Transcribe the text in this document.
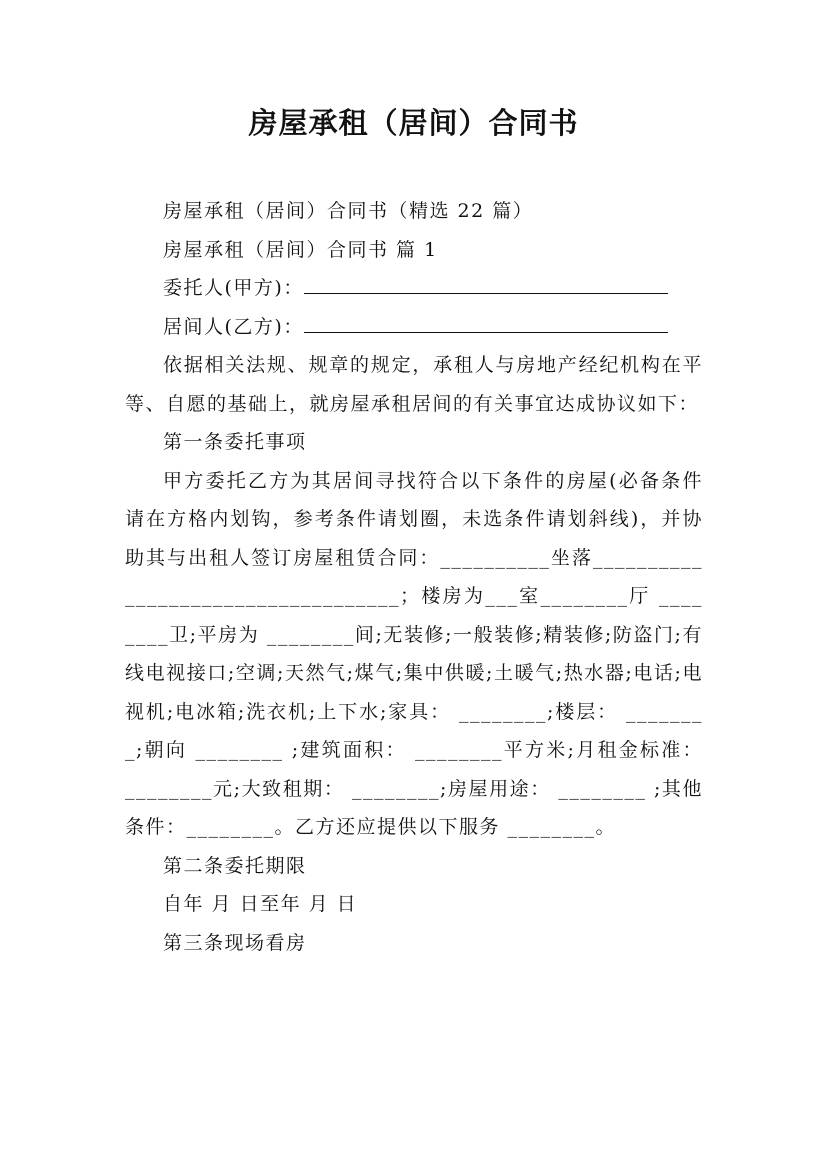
房屋承租（居间）合同书

房屋承租（居间）合同书（精选 22 篇）

房屋承租（居间）合同书 篇 1

委托人(甲方)：

居间人(乙方)：

依据相关法规、规章的规定，承租人与房地产经纪机构在平等、自愿的基础上，就房屋承租居间的有关事宜达成协议如下：

第一条委托事项

甲方委托乙方为其居间寻找符合以下条件的房屋(必备条件请在方格内划钩，参考条件请划圈，未选条件请划斜线)，并协助其与出租人签订房屋租赁合同：__________坐落___________________________________；楼房为___室________厅 ________卫;平房为 ________间;无装修;一般装修;精装修;防盗门;有线电视接口;空调;天然气;煤气;集中供暖;土暖气;热水器;电话;电视机;电冰箱;洗衣机;上下水;家具： ________;楼层： ________;朝向 ________ ;建筑面积： ________平方米;月租金标准： ________元;大致租期： ________;房屋用途： ________ ;其他条件：________。乙方还应提供以下服务 ________。

第二条委托期限

自年 月 日至年 月 日

第三条现场看房
